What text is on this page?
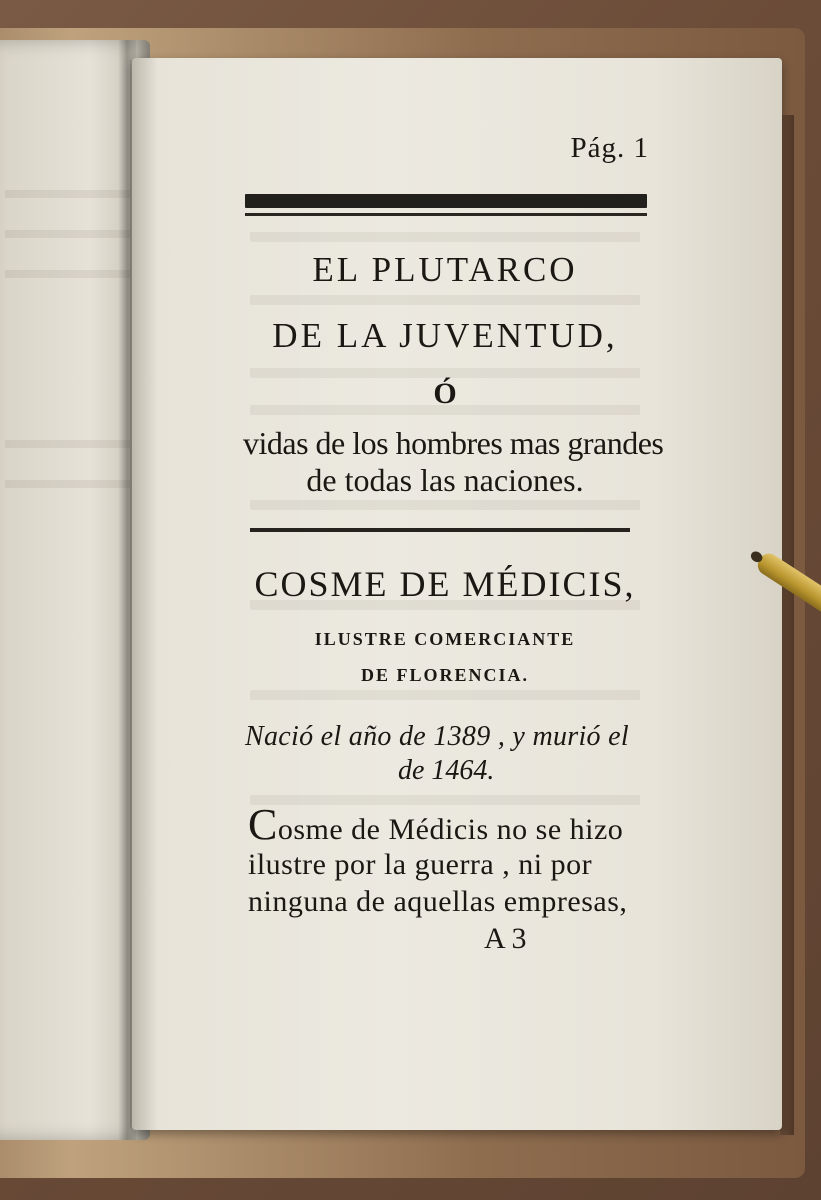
Pág. 1
EL PLUTARCO
DE LA JUVENTUD,
Ó
vidas de los hombres mas grandes
de todas las naciones.
COSME DE MÉDICIS,
ILUSTRE COMERCIANTE
DE FLORENCIA.
Nació el año de 1389 , y murió el
de 1464.
Cosme de Médicis no se hizo
ilustre por la guerra , ni por
ninguna de aquellas empresas,
A 3
